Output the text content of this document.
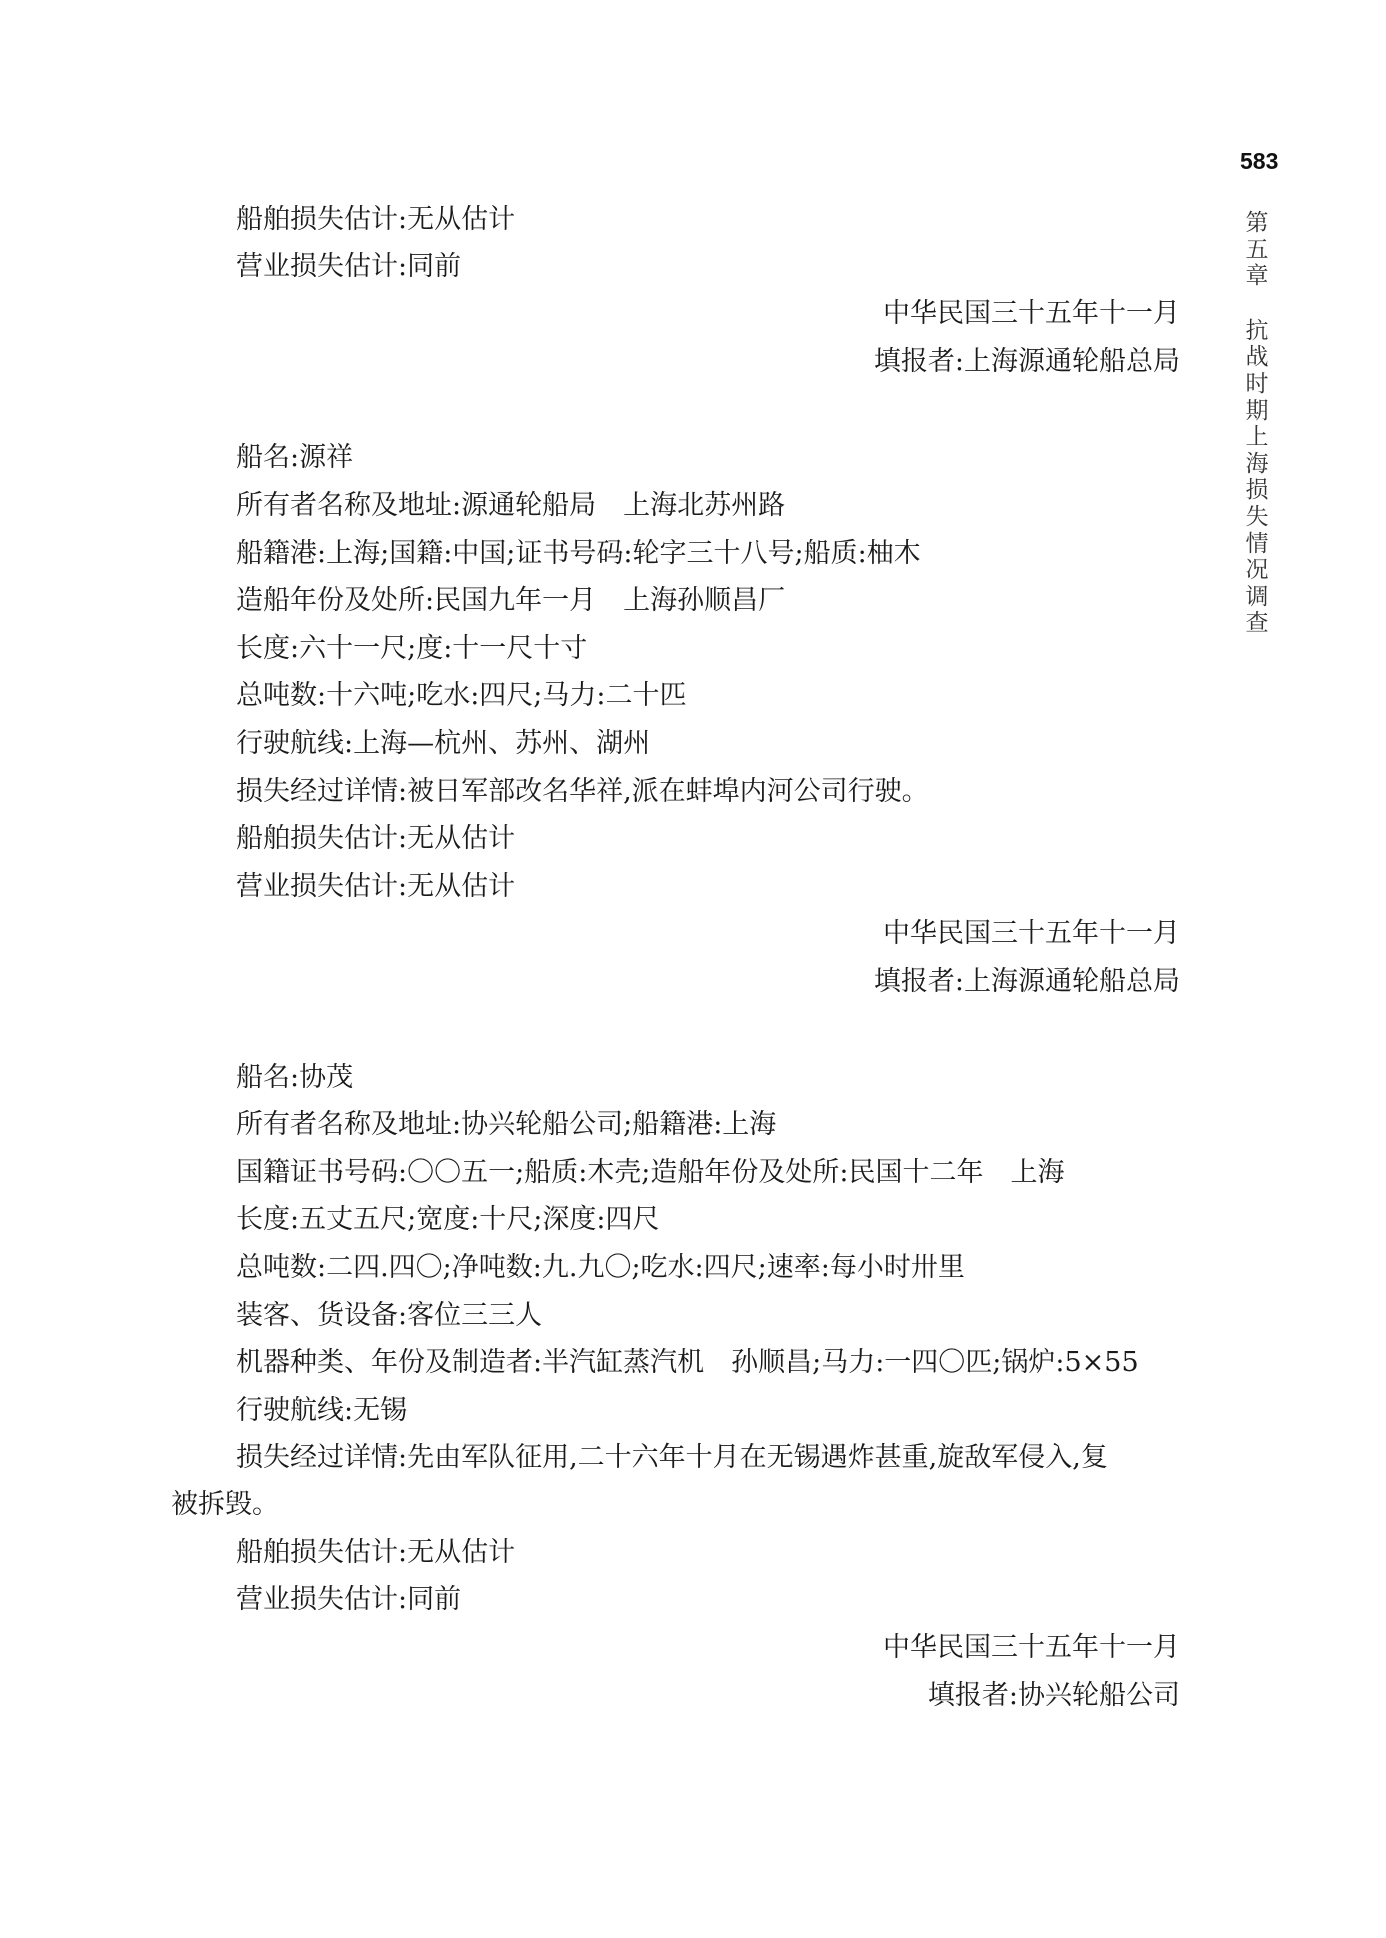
583
第
五
章
抗
战
时
期
上
海
损
失
情
况
调
查
船舶损失估计:无从估计
营业损失估计:同前
中华民国三十五年十一月
填报者:上海源通轮船总局
船名:源祥
所有者名称及地址:源通轮船局　上海北苏州路
船籍港:上海;国籍:中国;证书号码:轮字三十八号;船质:柚木
造船年份及处所:民国九年一月　上海孙顺昌厂
长度:六十一尺;度:十一尺十寸
总吨数:十六吨;吃水:四尺;马力:二十匹
行驶航线:上海—杭州、苏州、湖州
损失经过详情:被日军部改名华祥,派在蚌埠内河公司行驶。
船舶损失估计:无从估计
营业损失估计:无从估计
中华民国三十五年十一月
填报者:上海源通轮船总局
船名:协茂
所有者名称及地址:协兴轮船公司;船籍港:上海
国籍证书号码:〇〇五一;船质:木壳;造船年份及处所:民国十二年　上海
长度:五丈五尺;宽度:十尺;深度:四尺
总吨数:二四.四〇;净吨数:九.九〇;吃水:四尺;速率:每小时卅里
装客、货设备:客位三三人
机器种类、年份及制造者:半汽缸蒸汽机　孙顺昌;马力:一四〇匹;锅炉:5×55
行驶航线:无锡
损失经过详情:先由军队征用,二十六年十月在无锡遇炸甚重,旋敌军侵入,复
被拆毁。
船舶损失估计:无从估计
营业损失估计:同前
中华民国三十五年十一月
填报者:协兴轮船公司
